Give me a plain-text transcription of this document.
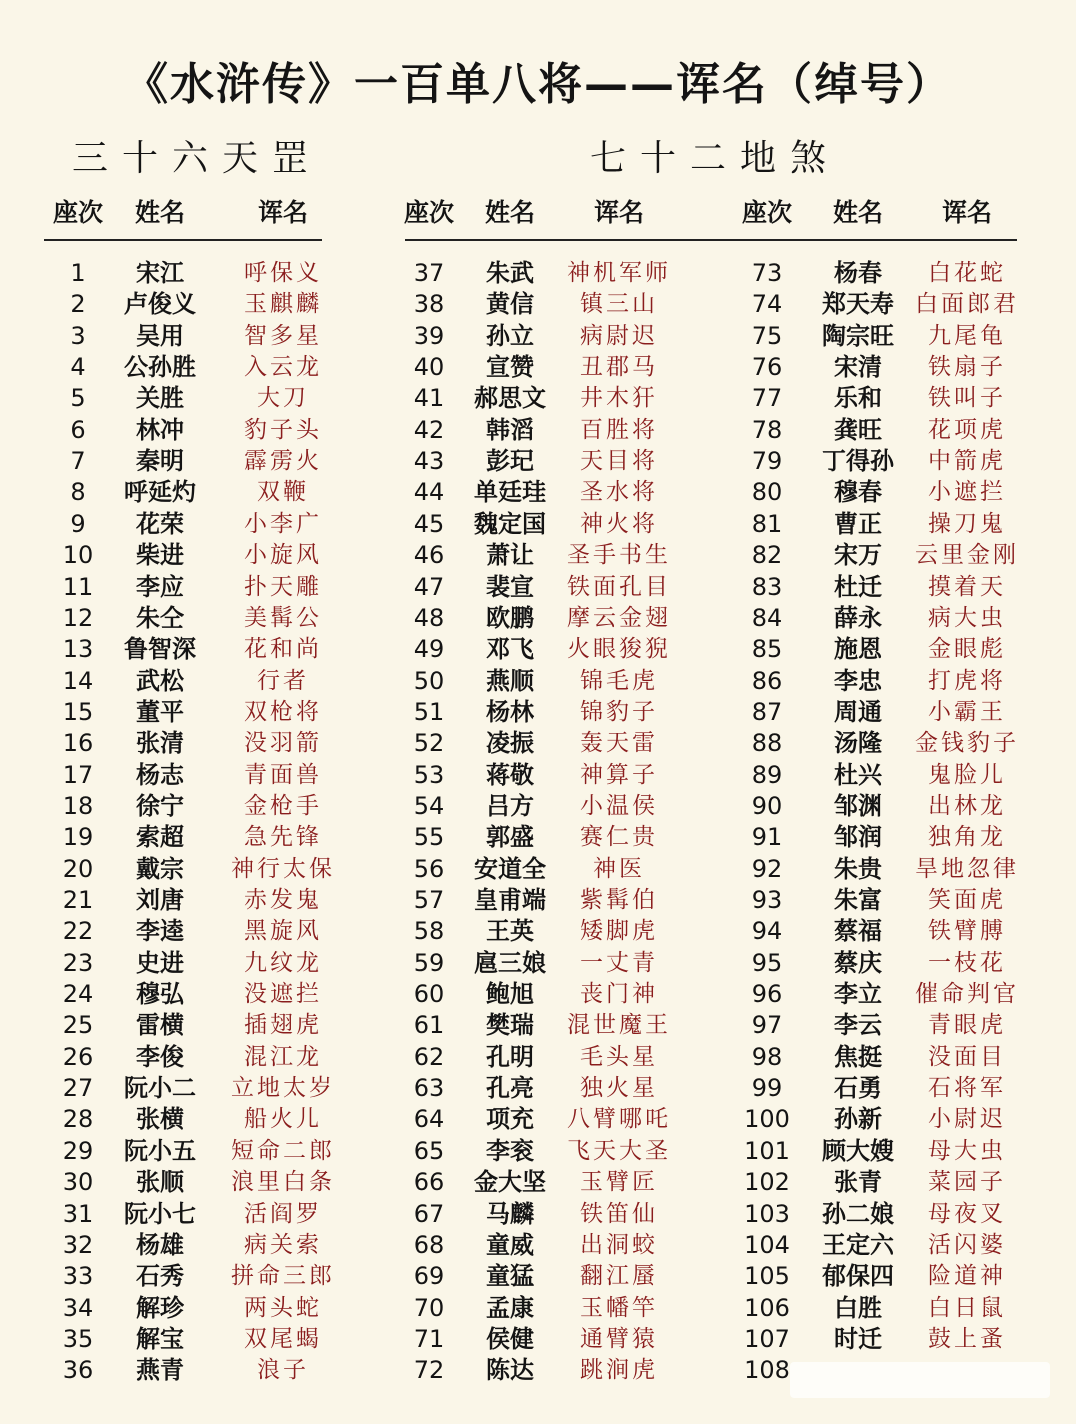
《水浒传》一百单八将——诨名（绰号）
三十六天罡	七十二地煞
座次 姓名	诨名	座次 姓名 诨名	座次 姓名 诨名
1 宋江	呼保义
2 卢俊义 玉麒麟
3 吴用	智多星
4 公孙胜 入云龙
5 关胜	大刀
6 林冲	豹子头
7 秦明	霹雳火
8 呼延灼	双鞭
9 花荣	小李广
10 柴进	小旋风
11 李应	扑天雕
12 朱仝	美髯公
13 鲁智深 花和尚
14 武松	行者
15 董平	双枪将
16 张清	没羽箭
17 杨志	青面兽
18 徐宁	金枪手
19 索超	急先锋
20 戴宗 神行太保
21 刘唐	赤发鬼
22 李逵	黑旋风
23 史进	九纹龙
24 穆弘	没遮拦
25 雷横	插翅虎
26 李俊	混江龙
27 阮小二 立地太岁
28 张横	船火儿
29 阮小五 短命二郎
30 张顺 浪里白条
31 阮小七 活阎罗
32 杨雄	病关索
33 石秀 拼命三郎
34 解珍	两头蛇
35 解宝	双尾蝎
36 燕青	浪子
37 朱武 神机军师
38 黄信 镇三山
39 孙立 病尉迟
40 宣赞 丑郡马
41 郝思文 井木犴
42 韩滔 百胜将
43 彭玘 天目将
44 单廷珪 圣水将
45 魏定国 神火将
46 萧让 圣手书生
47 裴宣 铁面孔目
48 欧鹏 摩云金翅
49 邓飞 火眼狻猊
50 燕顺 锦毛虎
51 杨林 锦豹子
52 凌振 轰天雷
53 蒋敬 神算子
54 吕方 小温侯
55 郭盛 赛仁贵
56 安道全 神医
57 皇甫端 紫髯伯
58 王英 矮脚虎
59 扈三娘 一丈青
60 鲍旭 丧门神
61 樊瑞 混世魔王
62 孔明 毛头星
63 孔亮 独火星
64 项充 八臂哪吒
65 李衮 飞天大圣
66 金大坚 玉臂匠
67 马麟 铁笛仙
68 童威 出洞蛟
69 童猛 翻江蜃
70 孟康 玉幡竿
71 侯健 通臂猿
72 陈达 跳涧虎
73 杨春 白花蛇
74 郑天寿 白面郎君
75 陶宗旺 九尾龟
76 宋清 铁扇子
77 乐和 铁叫子
78 龚旺 花项虎
79 丁得孙 中箭虎
80 穆春 小遮拦
81 曹正 操刀鬼
82 宋万 云里金刚
83 杜迁 摸着天
84 薛永 病大虫
85 施恩 金眼彪
86 李忠 打虎将
87 周通 小霸王
88 汤隆 金钱豹子
89 杜兴 鬼脸儿
90 邹渊 出林龙
91 邹润 独角龙
92 朱贵 旱地忽律
93 朱富 笑面虎
94 蔡福 铁臂膊
95 蔡庆 一枝花
96 李立 催命判官
97 李云 青眼虎
98 焦挺 没面目
99 石勇 石将军
100 孙新 小尉迟
101 顾大嫂 母大虫
102 张青 菜园子
103 孙二娘 母夜叉
104 王定六 活闪婆
105 郁保四 险道神
106 白胜 白日鼠
107 时迁 鼓上蚤
108
